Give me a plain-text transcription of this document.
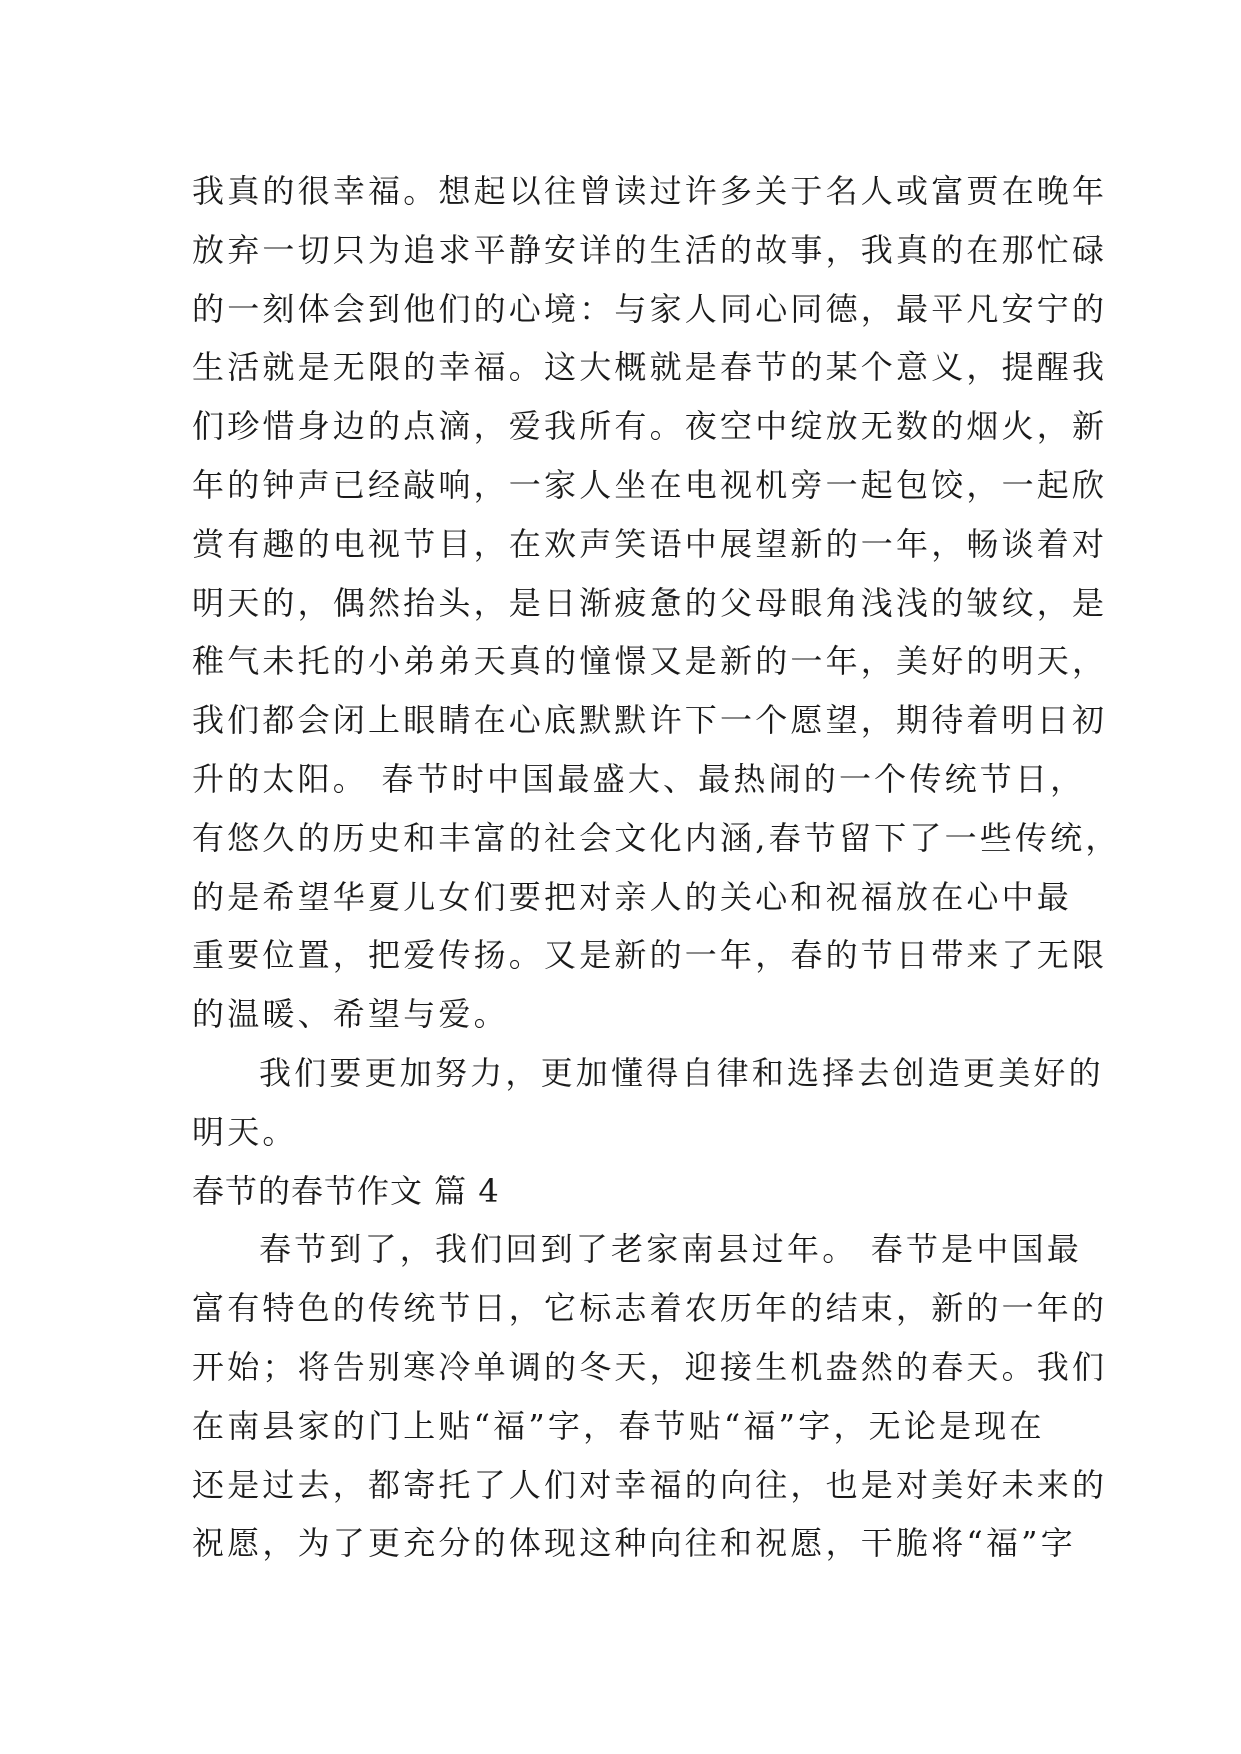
我真的很幸福。想起以往曾读过许多关于名人或富贾在晚年
放弃一切只为追求平静安详的生活的故事，我真的在那忙碌
的一刻体会到他们的心境：与家人同心同德，最平凡安宁的
生活就是无限的幸福。这大概就是春节的某个意义，提醒我
们珍惜身边的点滴，爱我所有。夜空中绽放无数的烟火，新
年的钟声已经敲响，一家人坐在电视机旁一起包饺，一起欣
赏有趣的电视节目，在欢声笑语中展望新的一年，畅谈着对
明天的，偶然抬头，是日渐疲惫的父母眼角浅浅的皱纹，是
稚气未托的小弟弟天真的憧憬又是新的一年，美好的明天，
我们都会闭上眼睛在心底默默许下一个愿望，期待着明日初
升的太阳。 春节时中国最盛大、最热闹的一个传统节日，
有悠久的历史和丰富的社会文化内涵,春节留下了一些传统，
的是希望华夏儿女们要把对亲人的关心和祝福放在心中最
重要位置，把爱传扬。又是新的一年，春的节日带来了无限
的温暖、希望与爱。
我们要更加努力，更加懂得自律和选择去创造更美好的
明天。
春节的春节作文 篇 4
春节到了，我们回到了老家南县过年。 春节是中国最
富有特色的传统节日，它标志着农历年的结束，新的一年的
开始；将告别寒冷单调的冬天，迎接生机盎然的春天。我们
在南县家的门上贴“福”字，春节贴“福”字，无论是现在
还是过去，都寄托了人们对幸福的向往，也是对美好未来的
祝愿，为了更充分的体现这种向往和祝愿，干脆将“福”字
